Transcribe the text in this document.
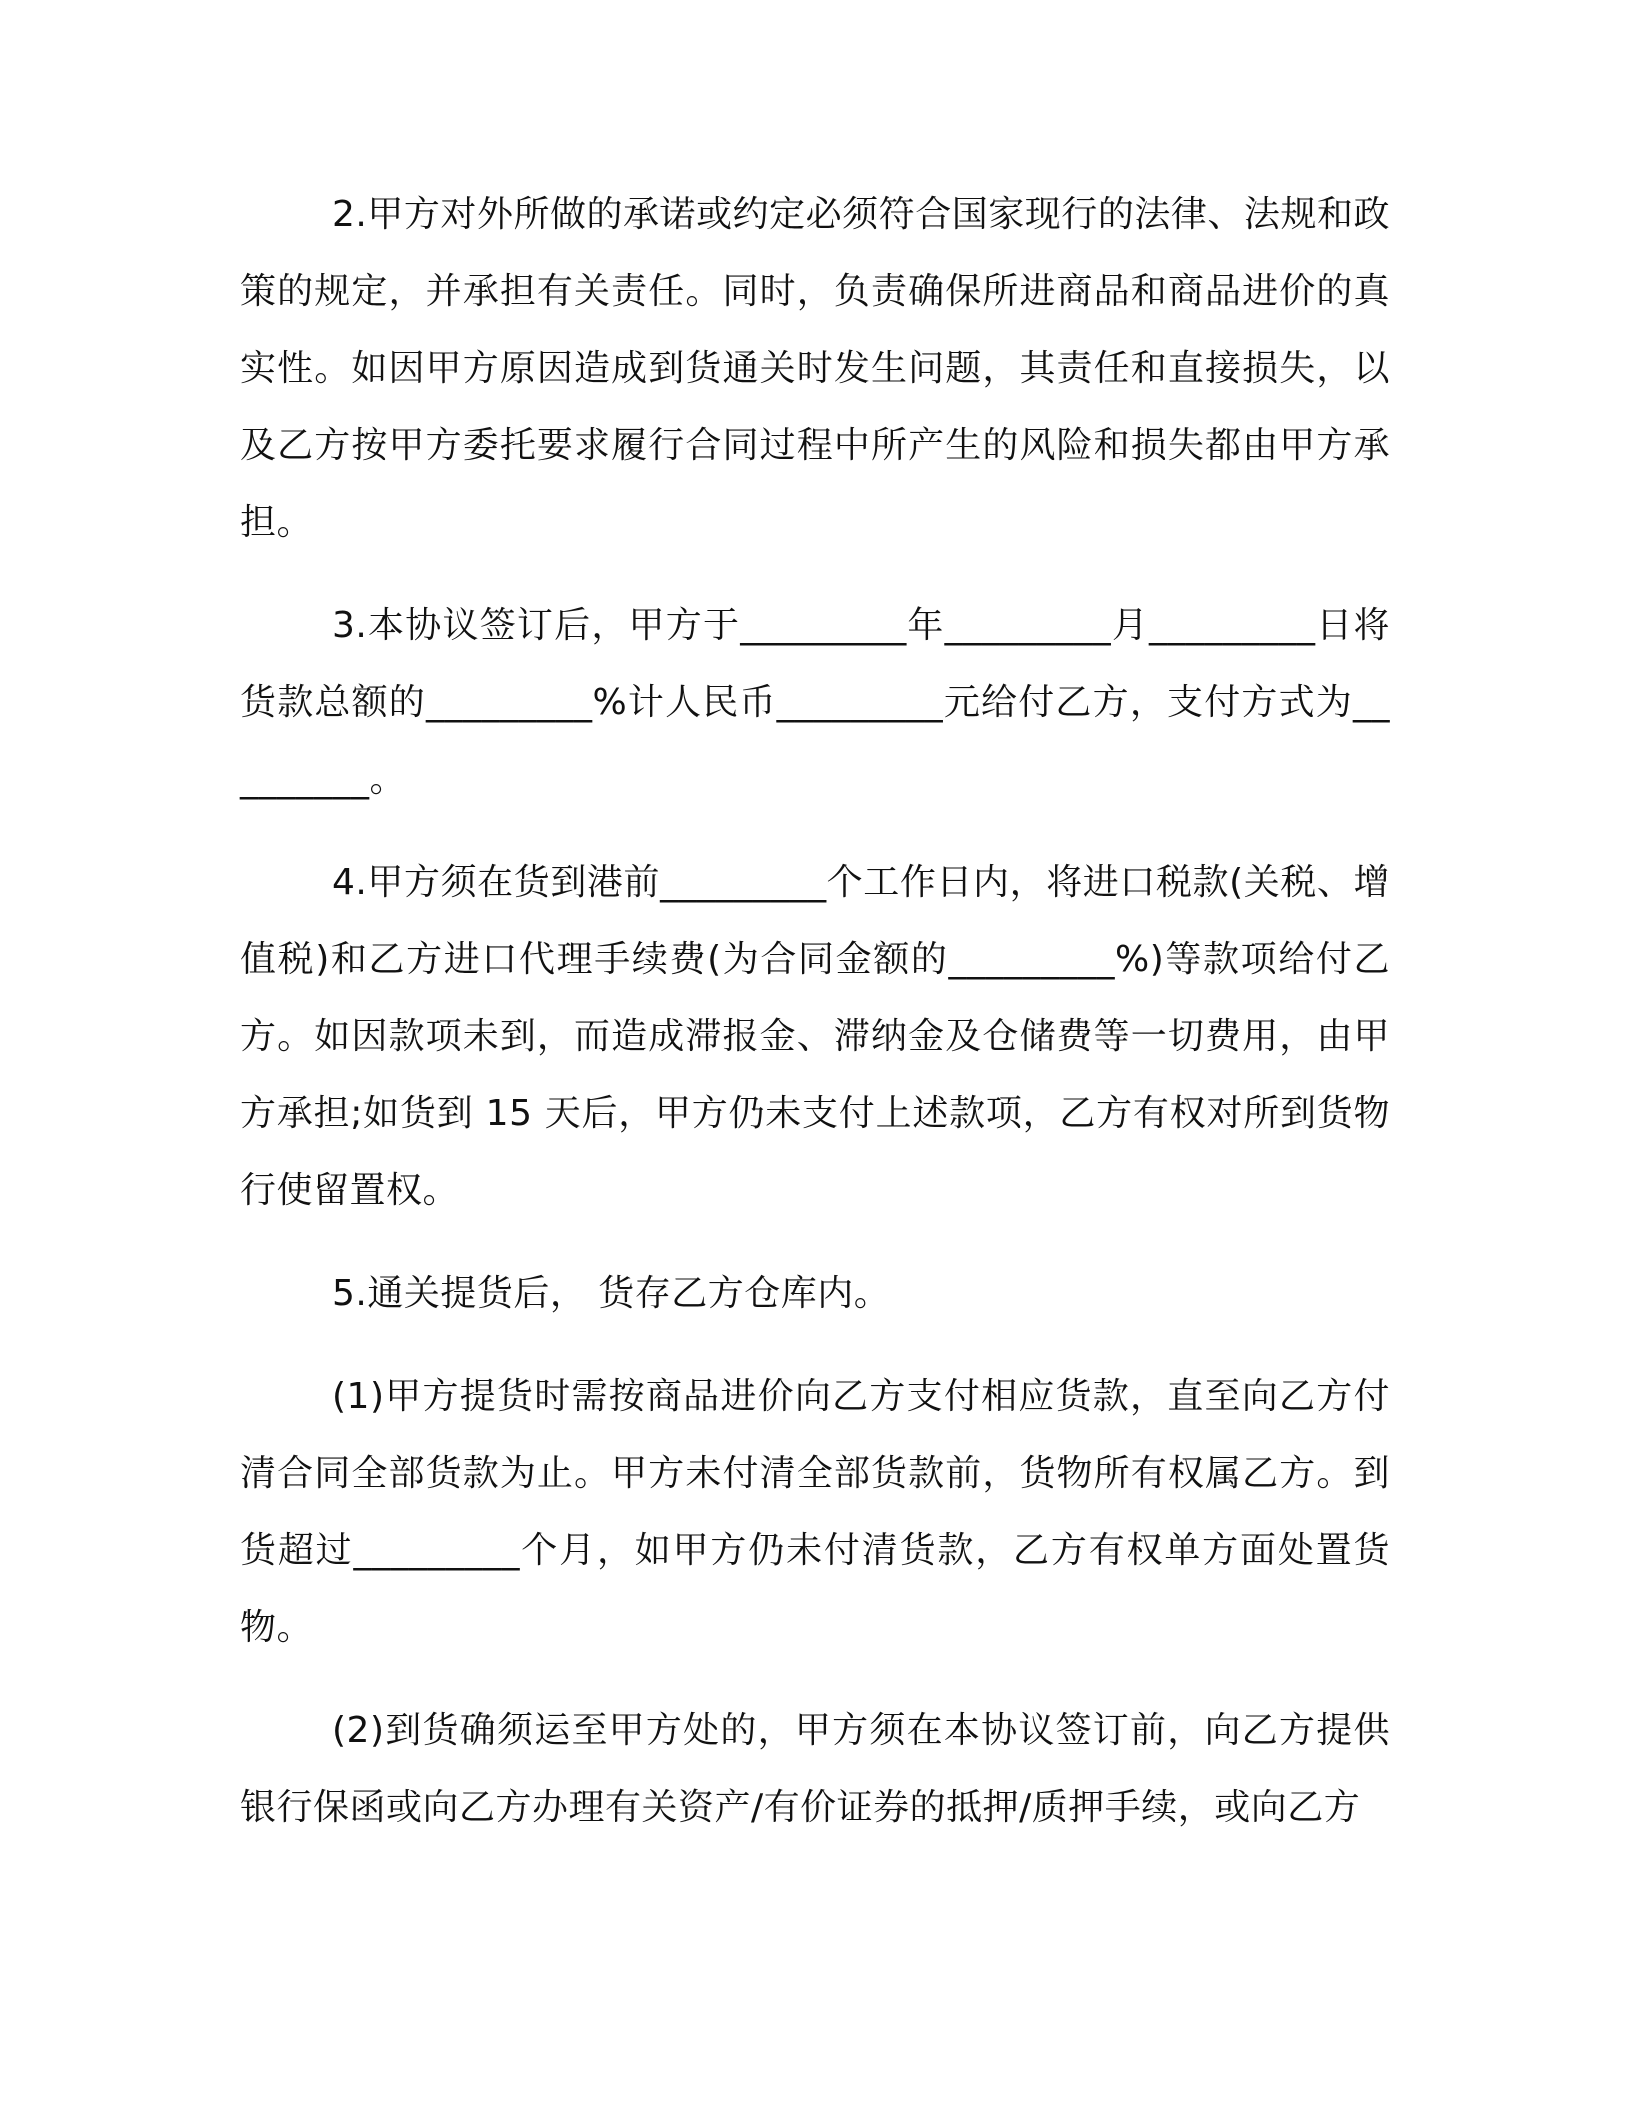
2.甲方对外所做的承诺或约定必须符合国家现行的法律、法规和政策的规定，并承担有关责任。同时，负责确保所进商品和商品进价的真实性。如因甲方原因造成到货通关时发生问题，其责任和直接损失，以及乙方按甲方委托要求履行合同过程中所产生的风险和损失都由甲方承担。

3.本协议签订后，甲方于_________年_________月_________日将货款总额的_________%计人民币_________元给付乙方，支付方式为_________。

4.甲方须在货到港前_________个工作日内，将进口税款(关税、增值税)和乙方进口代理手续费(为合同金额的_________%)等款项给付乙方。如因款项未到，而造成滞报金、滞纳金及仓储费等一切费用，由甲方承担;如货到 15 天后，甲方仍未支付上述款项，乙方有权对所到货物行使留置权。

5.通关提货后， 货存乙方仓库内。

(1)甲方提货时需按商品进价向乙方支付相应货款，直至向乙方付清合同全部货款为止。甲方未付清全部货款前，货物所有权属乙方。到货超过_________个月，如甲方仍未付清货款，乙方有权单方面处置货物。

(2)到货确须运至甲方处的，甲方须在本协议签订前，向乙方提供银行保函或向乙方办理有关资产/有价证券的抵押/质押手续，或向乙方
